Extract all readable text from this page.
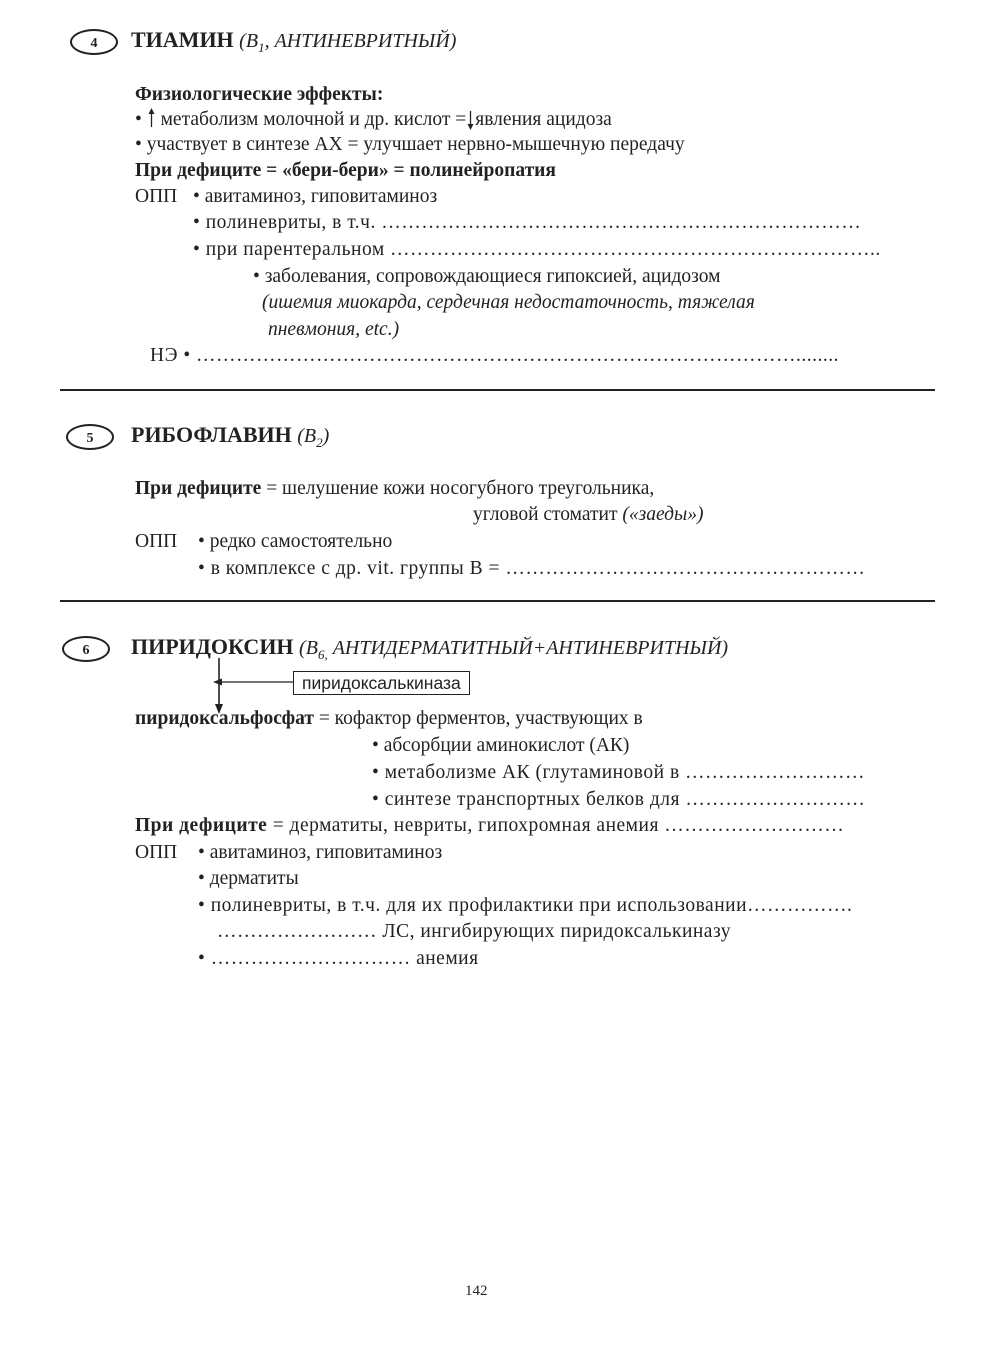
4	ТИАМИН ($B_1$, АНТИНЕВРИТНЫЙ)
Физиологические эффекты:
• метаболизм молочной и др. кислот = явления ацидоза
• участвует в синтезе АХ = улучшает нервно-мышечную передачу
При дефиците = «бери-бери» = полинейропатия
ОПП • авитаминоз, гиповитаминоз
• полиневриты, в т.ч. ………………………………………………………………
• при парентеральном ………………………………………………………………..
• заболевания, сопровождающиеся гипоксией, ацидозом
(ишемия миокарда, сердечная недостаточность, тяжелая
пневмония, etc.)
НЭ • ………………………………………………………………………………........
5	РИБОФЛАВИН $(B_2)$
При дефиците = шелушение кожи носогубного треугольника,
угловой стоматит («заеды»)
ОПП • редко самостоятельно
• в комплексе с др. vit. группы В = ………………………………………………
6	ПИРИДОКСИН ($B_{6,}$ АНТИДЕРМАТИТНЫЙ+АНТИНЕВРИТНЫЙ)
пиридоксалькиназа
пиридоксальфосфат = кофактор ферментов, участвующих в
• абсорбции аминокислот (АК)
• метаболизме АК (глутаминовой в ………………………
• синтезе транспортных белков для ………………………
При дефиците = дерматиты, невриты, гипохромная анемия ………………………
ОПП • авитаминоз, гиповитаминоз
• дерматиты
• полиневриты, в т.ч. для их профилактики при использовании…………….
…………………… ЛС, ингибирующих пиридоксалькиназу
• ………………………… анемия
142
